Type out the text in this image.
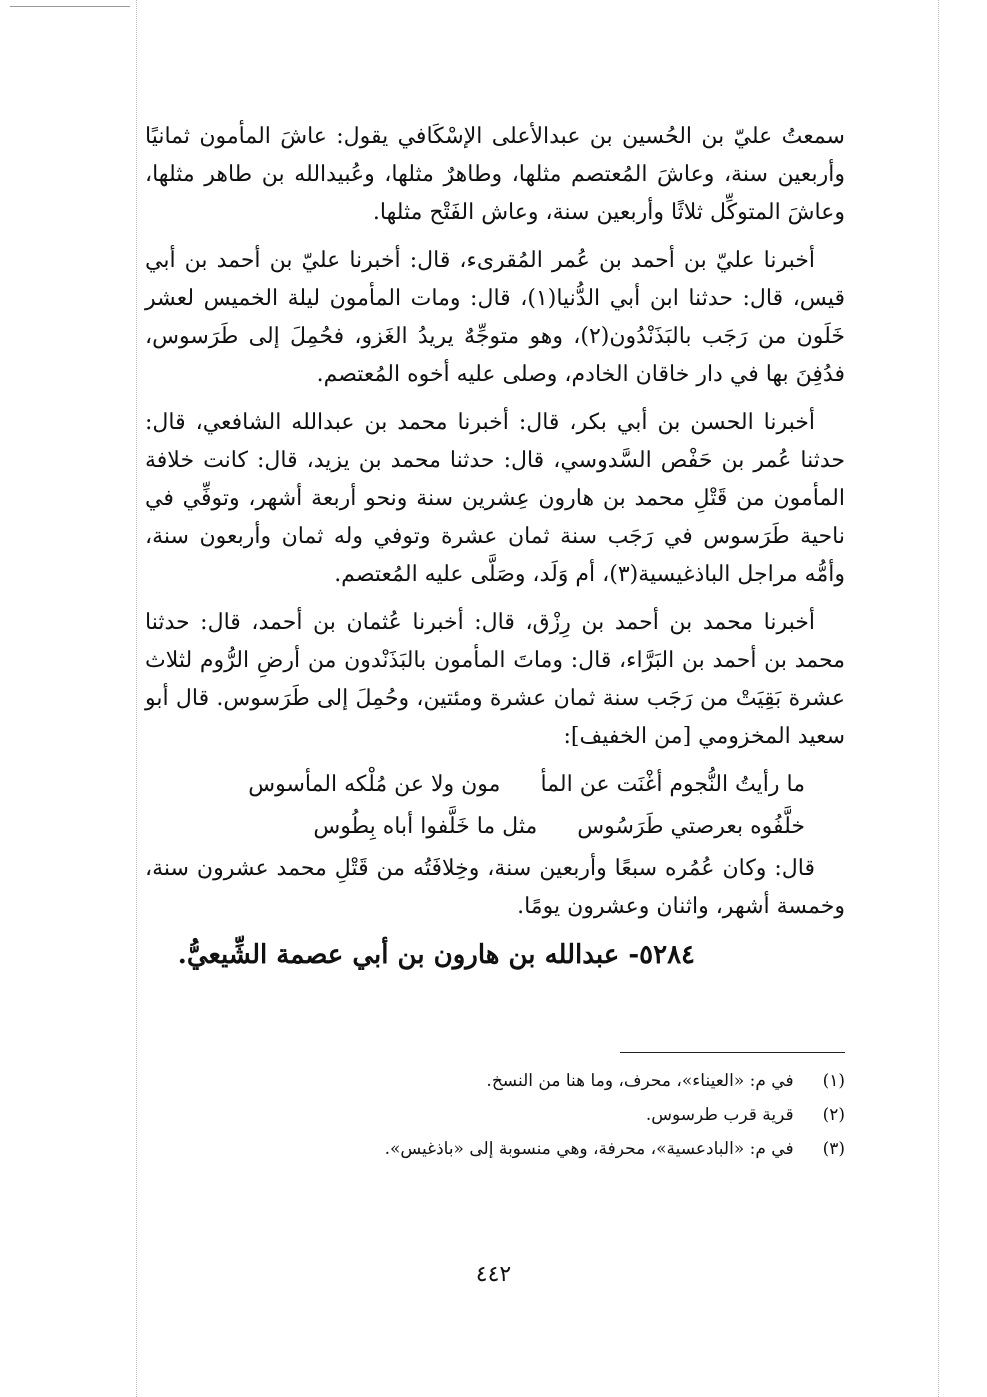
سمعتُ عليّ بن الحُسين بن عبدالأعلى الإسْكَافي يقول: عاشَ المأمون ثمانيًا وأربعين سنة، وعاشَ المُعتصم مثلها، وطاهرٌ مثلها، وعُبيدالله بن طاهر مثلها، وعاشَ المتوكِّل ثلاثًا وأربعين سنة، وعاش الفَتْح مثلها.

أخبرنا عليّ بن أحمد بن عُمر المُقرىء، قال: أخبرنا عليّ بن أحمد بن أبي قيس، قال: حدثنا ابن أبي الدُّنيا(١)، قال: ومات المأمون ليلة الخميس لعشر خَلَون من رَجَب بالبَذَنْدُون(٢)، وهو متوجِّهٌ يريدُ الغَزو، فحُمِلَ إلى طَرَسوس، فدُفِنَ بها في دار خاقان الخادم، وصلى عليه أخوه المُعتصم.

أخبرنا الحسن بن أبي بكر، قال: أخبرنا محمد بن عبدالله الشافعي، قال: حدثنا عُمر بن حَفْص السَّدوسي، قال: حدثنا محمد بن يزيد، قال: كانت خلافة المأمون من قَتْلِ محمد بن هارون عِشرين سنة ونحو أربعة أشهر، وتوفِّي في ناحية طَرَسوس في رَجَب سنة ثمان عشرة وتوفي وله ثمان وأربعون سنة، وأمُّه مراجل الباذغيسية(٣)، أم وَلَد، وصَلَّى عليه المُعتصم.

أخبرنا محمد بن أحمد بن رِزْق، قال: أخبرنا عُثمان بن أحمد، قال: حدثنا محمد بن أحمد بن البَرَّاء، قال: وماتَ المأمون بالبَذَنْدون من أرضِ الرُّوم لثلاث عشرة بَقِيَتْ من رَجَب سنة ثمان عشرة ومئتين، وحُمِلَ إلى طَرَسوس. قال أبو سعيد المخزومي [من الخفيف]:

ما رأيتُ النُّجوم أغْنَت عن المأ
مون ولا عن مُلْكه المأسوس
خلَّفُوه بعرصتي طَرَسُوس
مثل ما خَلَّفوا أباه بِطُوس

قال: وكان عُمُره سبعًا وأربعين سنة، وخِلافَتُه من قَتْلِ محمد عشرون سنة، وخمسة أشهر، واثنان وعشرون يومًا.

٥٢٨٤- عبدالله بن هارون بن أبي عصمة الشِّيعيُّ.

(١) في م: «العيناء»، محرف، وما هنا من النسخ.

(٢) قرية قرب طرسوس.

(٣) في م: «البادعسية»، محرفة، وهي منسوبة إلى «باذغيس».

٤٤٢
